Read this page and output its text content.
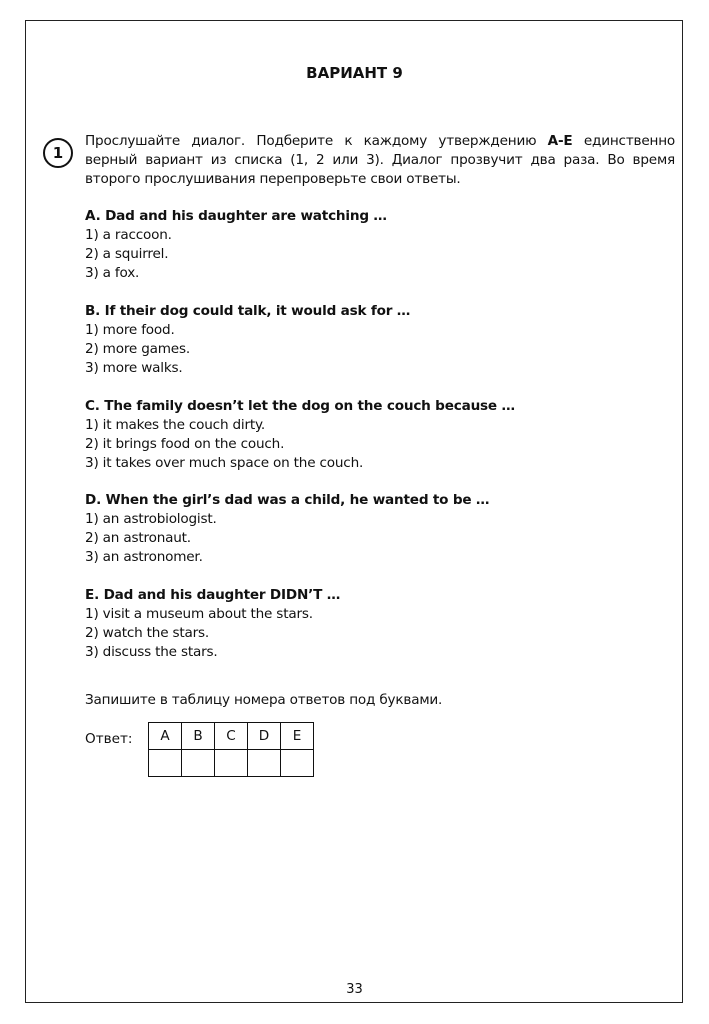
ВАРИАНТ 9
1
Прослушайте диалог. Подберите к каждому утверждению A-E единственно верный вариант из списка (1, 2 или 3). Диалог прозвучит два раза. Во время второго прослушивания перепроверьте свои ответы.
A. Dad and his daughter are watching …
1) a raccoon.
2) a squirrel.
3) a fox.
B. If their dog could talk, it would ask for …
1) more food.
2) more games.
3) more walks.
C. The family doesn’t let the dog on the couch because …
1) it makes the couch dirty.
2) it brings food on the couch.
3) it takes over much space on the couch.
D. When the girl’s dad was a child, he wanted to be …
1) an astrobiologist.
2) an astronaut.
3) an astronomer.
E. Dad and his daughter DIDN’T …
1) visit a museum about the stars.
2) watch the stars.
3) discuss the stars.
Запишите в таблицу номера ответов под буквами.
Ответ: A	B	C	D	E

33
